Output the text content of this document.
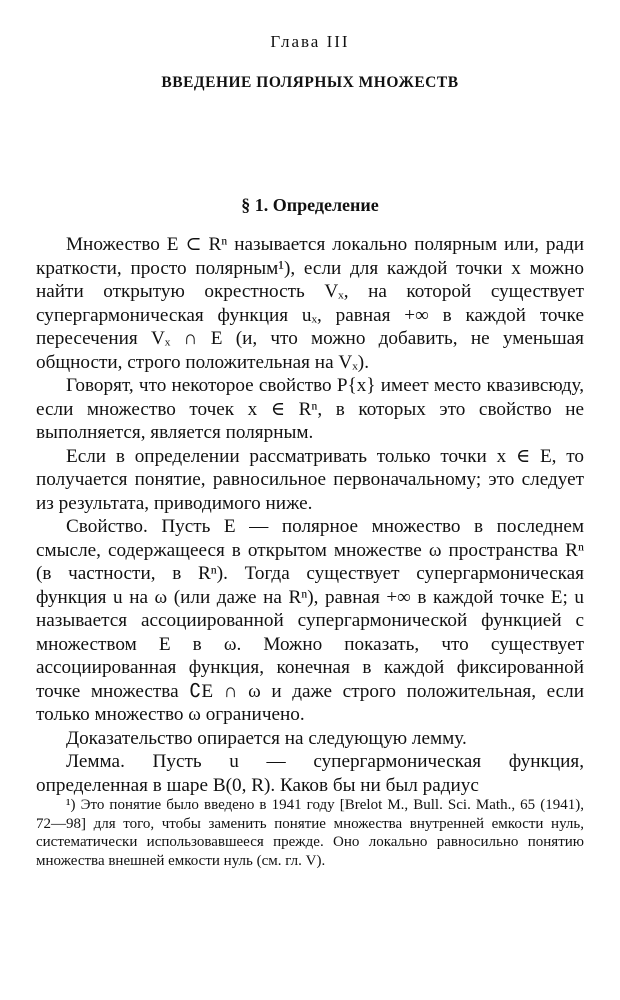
Глава III
ВВЕДЕНИЕ ПОЛЯРНЫХ МНОЖЕСТВ
§ 1. Определение

Множество E ⊂ Rⁿ называется локально полярным или, ради краткости, просто полярным¹), если для каждой точки x можно найти открытую окрестность Vₓ, на которой существует супергармоническая функция uₓ, равная +∞ в каждой точке пересечения Vₓ ∩ E (и, что можно добавить, не уменьшая общности, строго положительная на Vₓ).

Говорят, что некоторое свойство P{x} имеет место квазивсюду, если множество точек x ∈ Rⁿ, в которых это свойство не выполняется, является полярным.

Если в определении рассматривать только точки x ∈ E, то получается понятие, равносильное первоначальному; это следует из результата, приводимого ниже.

Свойство. Пусть E — полярное множество в последнем смысле, содержащееся в открытом множестве ω пространства Rⁿ (в частности, в Rⁿ). Тогда существует супергармоническая функция u на ω (или даже на Rⁿ), равная +∞ в каждой точке E; u называется ассоциированной супергармонической функцией с множеством E в ω. Можно показать, что существует ассоциированная функция, конечная в каждой фиксированной точке множества ∁E ∩ ω и даже строго положительная, если только множество ω ограничено.

Доказательство опирается на следующую лемму.

Лемма. Пусть u — супергармоническая функция, определенная в шаре B(0, R). Каков бы ни был радиус

¹) Это понятие было введено в 1941 году [Brelot M., Bull. Sci. Math., 65 (1941), 72—98] для того, чтобы заменить понятие множества внутренней емкости нуль, систематически использовавшееся прежде. Оно локально равносильно понятию множества внешней емкости нуль (см. гл. V).
